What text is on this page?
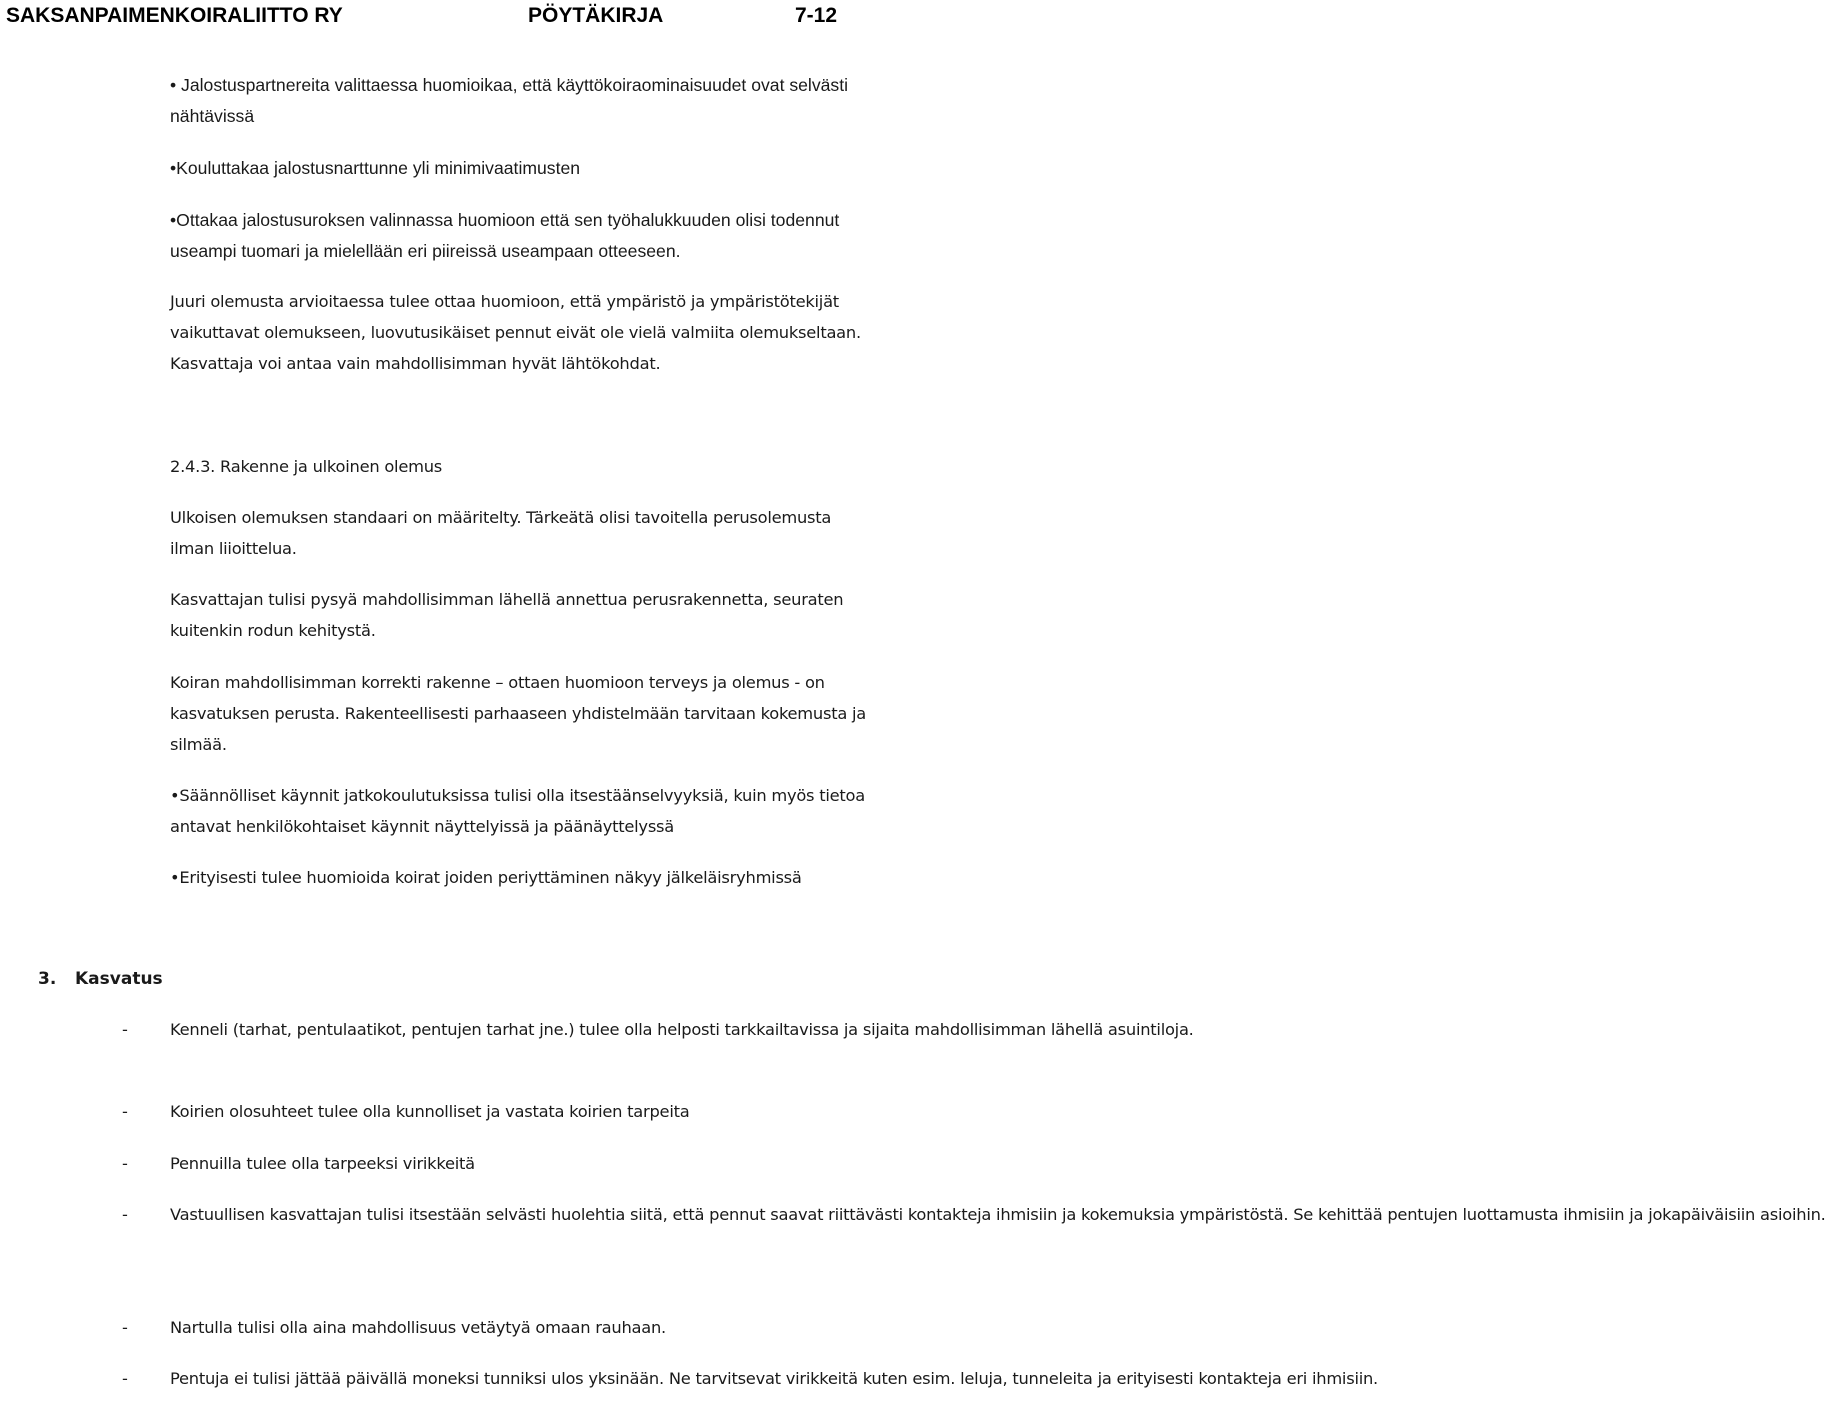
SAKSANPAIMENKOIRALIITTO RY	PÖYTÄKIRJA	7-12
• Jalostuspartnereita valittaessa huomioikaa, että käyttökoiraominaisuudet ovat selvästi
nähtävissä
•Kouluttakaa jalostusnarttunne yli minimivaatimusten
•Ottakaa jalostusuroksen valinnassa huomioon että sen työhalukkuuden olisi todennut
useampi tuomari ja mielellään eri piireissä useampaan otteeseen.
Juuri olemusta arvioitaessa tulee ottaa huomioon, että ympäristö ja ympäristötekijät
vaikuttavat olemukseen, luovutusikäiset pennut eivät ole vielä valmiita olemukseltaan.
Kasvattaja voi antaa vain mahdollisimman hyvät lähtökohdat.
2.4.3. Rakenne ja ulkoinen olemus
Ulkoisen olemuksen standaari on määritelty. Tärkeätä olisi tavoitella perusolemusta
ilman liioittelua.
Kasvattajan tulisi pysyä mahdollisimman lähellä annettua perusrakennetta, seuraten
kuitenkin rodun kehitystä.
Koiran mahdollisimman korrekti rakenne – ottaen huomioon terveys ja olemus - on
kasvatuksen perusta. Rakenteellisesti parhaaseen yhdistelmään tarvitaan kokemusta ja
silmää.
•Säännölliset käynnit jatkokoulutuksissa tulisi olla itsestäänselvyyksiä, kuin myös tietoa
antavat henkilökohtaiset käynnit näyttelyissä ja päänäyttelyssä
•Erityisesti tulee huomioida koirat joiden periyttäminen näkyy jälkeläisryhmissä
3. Kasvatus
-	Kenneli (tarhat, pentulaatikot, pentujen tarhat jne.) tulee olla helposti tarkkailtavissa ja sijaita mahdollisimman lähellä asuintiloja.
-	Koirien olosuhteet tulee olla kunnolliset ja vastata koirien tarpeita
-	Pennuilla tulee olla tarpeeksi virikkeitä
-	Vastuullisen kasvattajan tulisi itsestään selvästi huolehtia siitä, että pennut saavat riittävästi kontakteja ihmisiin ja kokemuksia ympäristöstä. Se kehittää pentujen luottamusta ihmisiin ja jokapäiväisiin asioihin.
-	Nartulla tulisi olla aina mahdollisuus vetäytyä omaan rauhaan.
-	Pentuja ei tulisi jättää päivällä moneksi tunniksi ulos yksinään. Ne tarvitsevat virikkeitä kuten esim. leluja, tunneleita ja erityisesti kontakteja eri ihmisiin.
